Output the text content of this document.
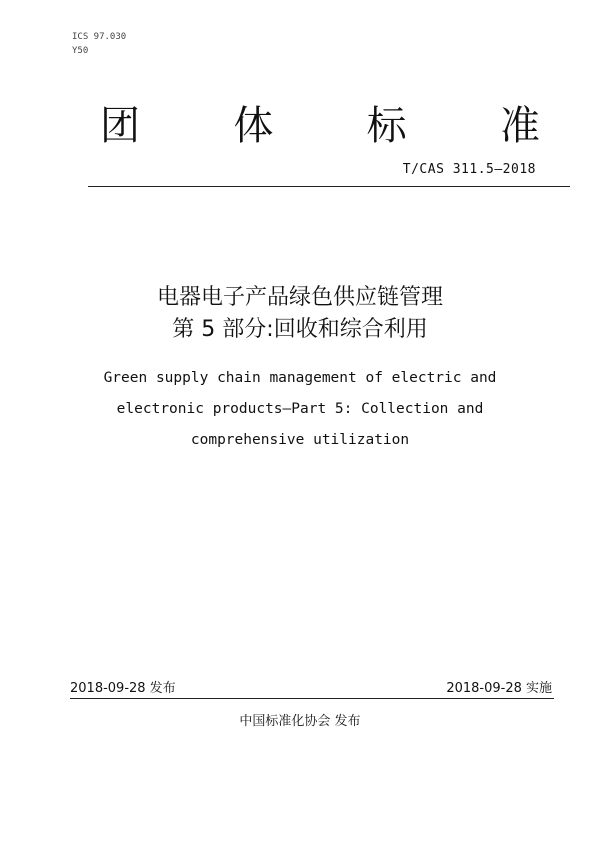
ICS 97.030
Y50
团 体 标 准
T/CAS 311.5—2018
电器电子产品绿色供应链管理
第 5 部分:回收和综合利用
Green supply chain management of electric and
electronic products—Part 5: Collection and
comprehensive utilization
2018-09-28 发布	2018-09-28 实施
中国标准化协会 发布
